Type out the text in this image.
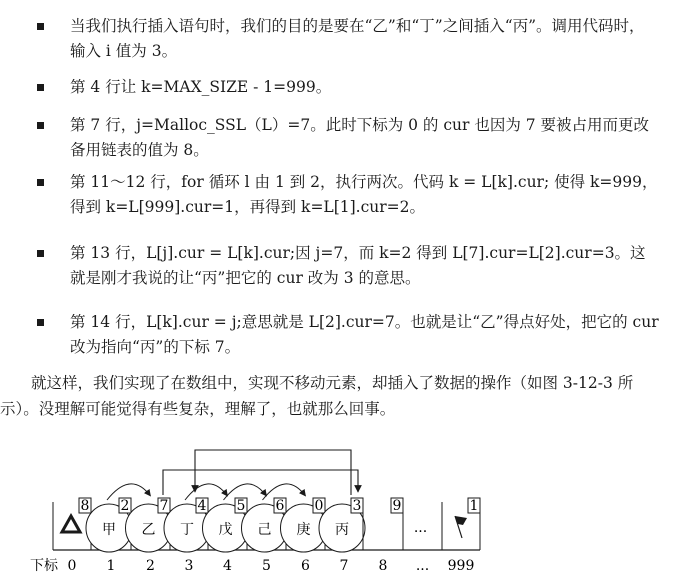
当我们执行插入语句时，我们的目的是要在“乙”和“丁”之间插入“丙”。调用代码时，输入 i 值为 3。
第 4 行让 k=MAX_SIZE - 1=999。
第 7 行，j=Malloc_SSL（L）=7。此时下标为 0 的 cur 也因为 7 要被占用而更改备用链表的值为 8。
第 11～12 行，for 循环 l 由 1 到 2，执行两次。代码 k = L[k].cur; 使得 k=999，得到 k=L[999].cur=1，再得到 k=L[1].cur=2。
第 13 行，L[j].cur = L[k].cur;因 j=7，而 k=2 得到 L[7].cur=L[2].cur=3。这就是刚才我说的让“丙”把它的 cur 改为 3 的意思。
第 14 行，L[k].cur = j;意思就是 L[2].cur=7。也就是让“乙”得点好处，把它的 cur 改为指向“丙”的下标 7。
就这样，我们实现了在数组中，实现不移动元素，却插入了数据的操作（如图 3-12-3 所示）。没理解可能觉得有些复杂，理解了，也就那么回事。
8
甲
2
乙
7
丁
4
戊
5
己
6
庚
0
丙
3 9
...
1
下标 0 1 2 3 4 5 6 7 8 ... 999
